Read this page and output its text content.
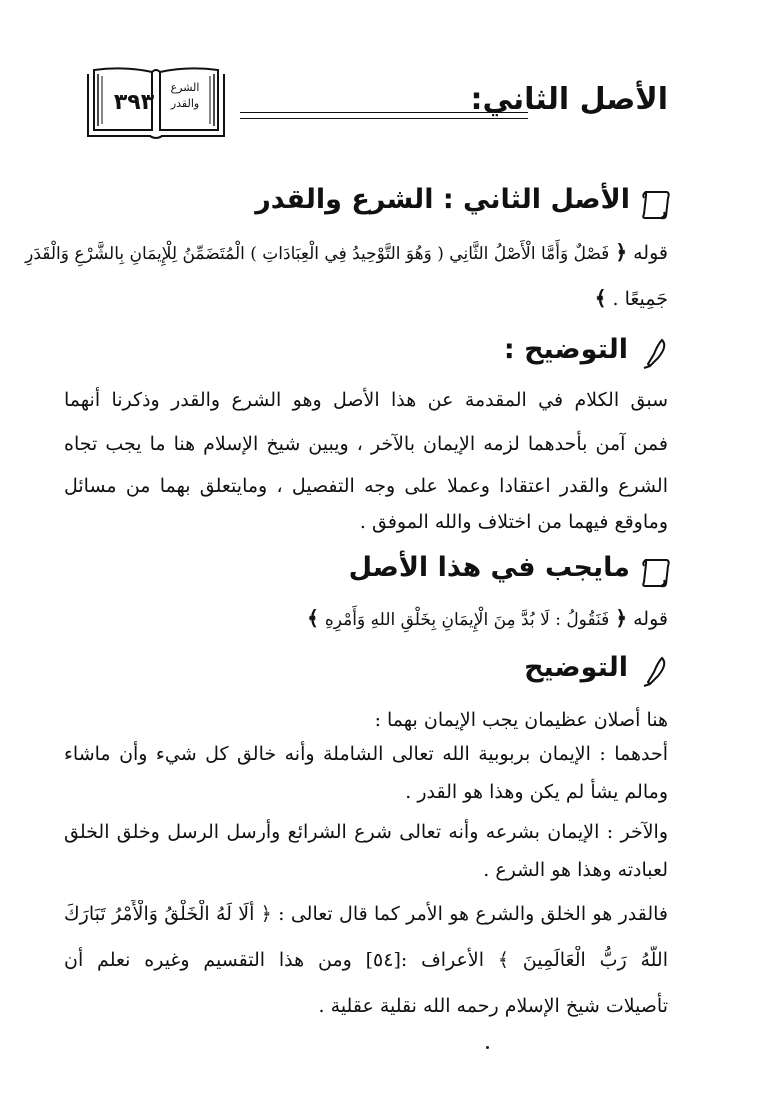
الأصل الثاني:
٣٩٣
الشرع
والقدر
الأصل الثاني : الشرع والقدر
قوله ﴿ فَصْلٌ وَأَمَّا الْأَصْلُ الثَّانِي ( وَهُوَ التَّوْحِيدُ فِي الْعِبَادَاتِ ) الْمُتَضَمِّنُ لِلْإِيمَانِ بِالشَّرْعِ وَالْقَدَرِ
جَمِيعًا . ﴾
التوضيح :
سبق الكلام في المقدمة عن هذا الأصل وهو الشرع والقدر وذكرنا أنهما
فمن آمن بأحدهما لزمه الإيمان بالآخر ، ويبين شيخ الإسلام هنا ما يجب تجاه
الشرع والقدر اعتقادا وعملا على وجه التفصيل ، ومايتعلق بهما من مسائل
وماوقع فيهما من اختلاف والله الموفق .
مايجب في هذا الأصل
قوله ﴿ فَنَقُولُ : لَا بُدَّ مِنَ الْإِيمَانِ بِخَلْقِ اللهِ وَأَمْرِهِ ﴾
التوضيح
هنا أصلان عظيمان يجب الإيمان بهما :
أحدهما : الإيمان بربوبية الله تعالى الشاملة وأنه خالق كل شيء وأن ماشاء
ومالم يشأ لم يكن وهذا هو القدر .
والآخر : الإيمان بشرعه وأنه تعالى شرع الشرائع وأرسل الرسل وخلق الخلق
لعبادته وهذا هو الشرع .
فالقدر هو الخلق والشرع هو الأمر كما قال تعالى : ﴿ أَلَا لَهُ الْخَلْقُ وَالْأَمْرُ تَبَارَكَ
اللَّهُ رَبُّ الْعَالَمِينَ ﴾ الأعراف :[٥٤] ومن هذا التقسيم وغيره نعلم أن
تأصيلات شيخ الإسلام رحمه الله نقلية عقلية .
